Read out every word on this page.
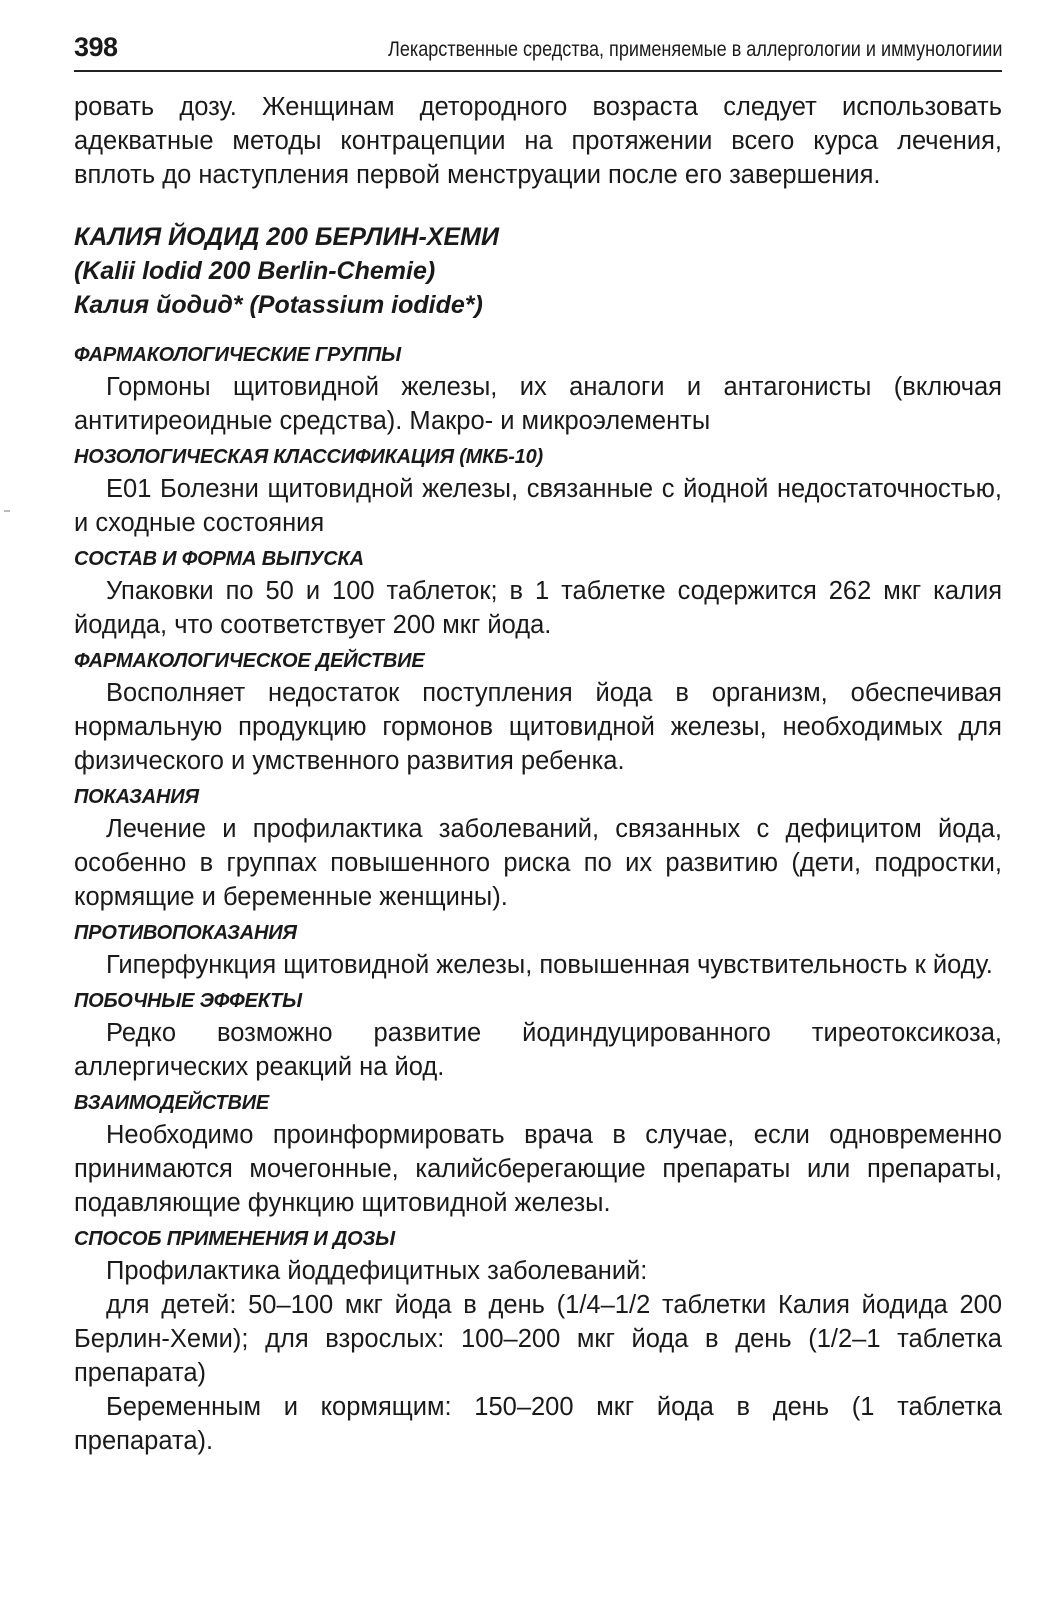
398	Лекарственные средства, применяемые в аллергологии и иммунологиии

ровать дозу. Женщинам детородного возраста следует использовать адекватные методы контрацепции на протяжении всего курса лечения, вплоть до наступления первой менструации после его завершения.

КАЛИЯ ЙОДИД 200 БЕРЛИН-ХЕМИ
(Kalii lodid 200 Berlin-Chemie)
Калия йодид* (Potassium iodide*)
ФАРМАКОЛОГИЧЕСКИЕ ГРУППЫ

Гормоны щитовидной железы, их аналоги и антагонисты (включая антитиреоидные средства). Макро- и микроэлементы

НОЗОЛОГИЧЕСКАЯ КЛАССИФИКАЦИЯ (МКБ-10)

Е01 Болезни щитовидной железы, связанные с йодной недостаточностью, и сходные состояния

СОСТАВ И ФОРМА ВЫПУСКА

Упаковки по 50 и 100 таблеток; в 1 таблетке содержится 262 мкг калия йодида, что соответствует 200 мкг йода.

ФАРМАКОЛОГИЧЕСКОЕ ДЕЙСТВИЕ

Восполняет недостаток поступления йода в организм, обеспечивая нормальную продукцию гормонов щитовидной железы, необходимых для физического и умственного развития ребенка.

ПОКАЗАНИЯ

Лечение и профилактика заболеваний, связанных с дефицитом йода, особенно в группах повышенного риска по их развитию (дети, подростки, кормящие и беременные женщины).

ПРОТИВОПОКАЗАНИЯ

Гиперфункция щитовидной железы, повышенная чувствительность к йоду.

ПОБОЧНЫЕ ЭФФЕКТЫ

Редко возможно развитие йодиндуцированного тиреотоксикоза, аллергических реакций на йод.

ВЗАИМОДЕЙСТВИЕ

Необходимо проинформировать врача в случае, если одновременно принимаются мочегонные, калийсберегающие препараты или препараты, подавляющие функцию щитовидной железы.

СПОСОБ ПРИМЕНЕНИЯ И ДОЗЫ

Профилактика йоддефицитных заболеваний:

для детей: 50–100 мкг йода в день (1/4–1/2 таблетки Калия йодида 200 Берлин-Хеми); для взрослых: 100–200 мкг йода в день (1/2–1 таблетка препарата)

Беременным и кормящим: 150–200 мкг йода в день (1 таблетка препарата).
